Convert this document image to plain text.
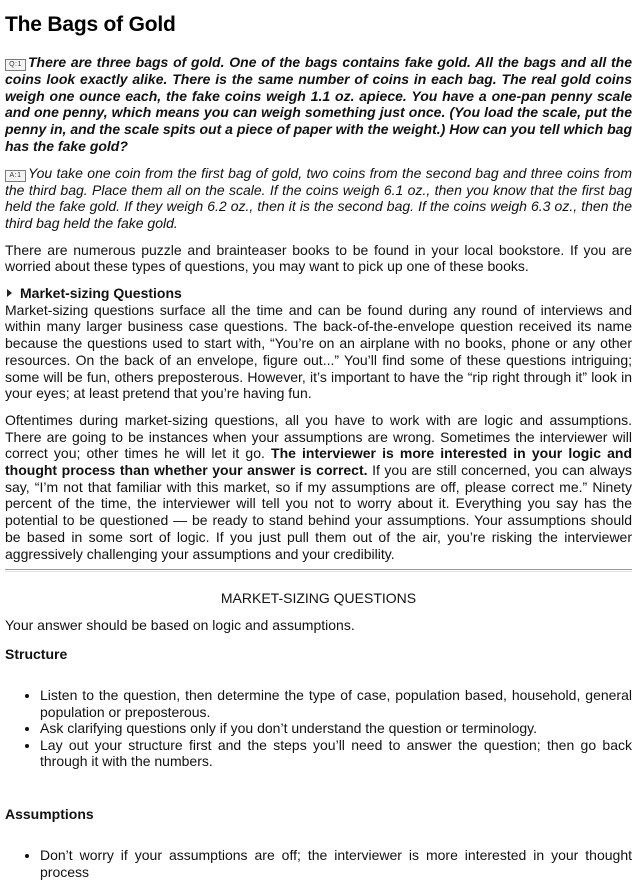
The Bags of Gold

Q:1 There are three bags of gold. One of the bags contains fake gold. All the bags and all the coins look exactly alike. There is the same number of coins in each bag. The real gold coins weigh one ounce each, the fake coins weigh 1.1 oz. apiece. You have a one-pan penny scale and one penny, which means you can weigh something just once. (You load the scale, put the penny in, and the scale spits out a piece of paper with the weight.) How can you tell which bag has the fake gold?

A:1 You take one coin from the first bag of gold, two coins from the second bag and three coins from the third bag. Place them all on the scale. If the coins weigh 6.1 oz., then you know that the first bag held the fake gold. If they weigh 6.2 oz., then it is the second bag. If the coins weigh 6.3 oz., then the third bag held the fake gold.

There are numerous puzzle and brainteaser books to be found in your local bookstore. If you are worried about these types of questions, you may want to pick up one of these books.

Market-sizing Questions

Market-sizing questions surface all the time and can be found during any round of interviews and within many larger business case questions. The back-of-the-envelope question received its name because the questions used to start with, “You’re on an airplane with no books, phone or any other resources. On the back of an envelope, figure out...” You’ll find some of these questions intriguing; some will be fun, others preposterous. However, it’s important to have the “rip right through it” look in your eyes; at least pretend that you’re having fun.

Oftentimes during market-sizing questions, all you have to work with are logic and assumptions. There are going to be instances when your assumptions are wrong. Sometimes the interviewer will correct you; other times he will let it go. The interviewer is more interested in your logic and thought process than whether your answer is correct. If you are still concerned, you can always say, “I’m not that familiar with this market, so if my assumptions are off, please correct me.” Ninety percent of the time, the interviewer will tell you not to worry about it. Everything you say has the potential to be questioned — be ready to stand behind your assumptions. Your assumptions should be based in some sort of logic. If you just pull them out of the air, you’re risking the interviewer aggressively challenging your assumptions and your credibility.

MARKET-SIZING QUESTIONS

Your answer should be based on logic and assumptions.

Structure

• Listen to the question, then determine the type of case, population based, household, general population or preposterous.
• Ask clarifying questions only if you don’t understand the question or terminology.
• Lay out your structure first and the steps you’ll need to answer the question; then go back through it with the numbers.

Assumptions

• Don’t worry if your assumptions are off; the interviewer is more interested in your thought process
